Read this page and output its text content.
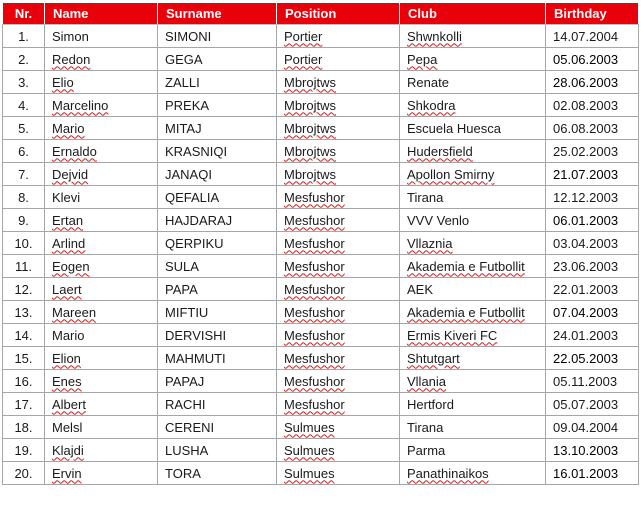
Nr.	Name	Surname	Position	Club	Birthday
1.	Simon	SIMONI	Portier	Shwnkolli	14.07.2004
2.	Redon	GEGA	Portier	Pepa	05.06.2003
3.	Elio	ZALLI	Mbrojtws	Renate	28.06.2003
4.	Marcelino	PREKA	Mbrojtws	Shkodra	02.08.2003
5.	Mario	MITAJ	Mbrojtws	Escuela Huesca	06.08.2003
6.	Ernaldo	KRASNIQI	Mbrojtws	Hudersfield	25.02.2003
7.	Dejvid	JANAQI	Mbrojtws	Apollon Smirny	21.07.2003
8.	Klevi	QEFALIA	Mesfushor	Tirana	12.12.2003
9.	Ertan	HAJDARAJ	Mesfushor	VVV Venlo	06.01.2003
10.	Arlind	QERPIKU	Mesfushor	Vllaznia	03.04.2003
11.	Eogen	SULA	Mesfushor	Akademia e Futbollit	23.06.2003
12.	Laert	PAPA	Mesfushor	AEK	22.01.2003
13.	Mareen	MIFTIU	Mesfushor	Akademia e Futbollit	07.04.2003
14.	Mario	DERVISHI	Mesfushor	Ermis Kiveri FC	24.01.2003
15.	Elion	MAHMUTI	Mesfushor	Shtutgart	22.05.2003
16.	Enes	PAPAJ	Mesfushor	Vllania	05.11.2003
17.	Albert	RACHI	Mesfushor	Hertford	05.07.2003
18.	Melsl	CERENI	Sulmues	Tirana	09.04.2004
19.	Klajdi	LUSHA	Sulmues	Parma	13.10.2003
20.	Ervin	TORA	Sulmues	Panathinaikos	16.01.2003
